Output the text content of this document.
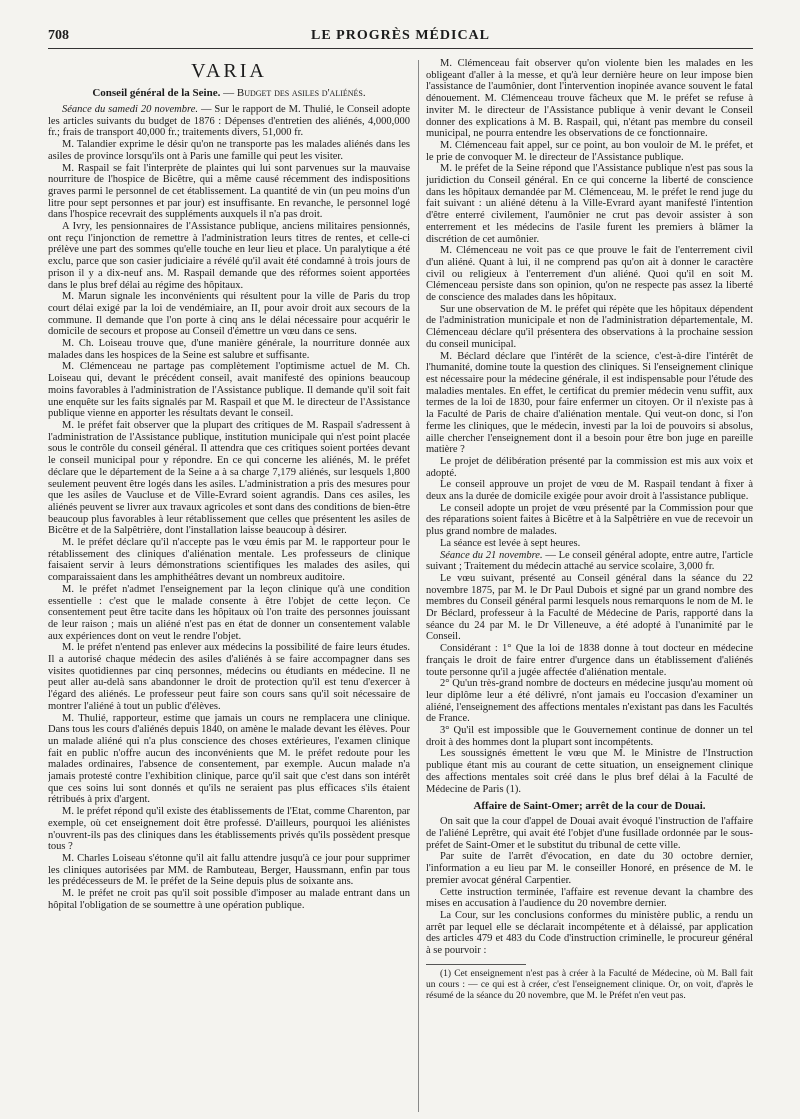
708	LE PROGRÈS MÉDICAL
VARIA
Conseil général de la Seine. — Budget des asiles d'aliénés.

Séance du samedi 20 novembre. — Sur le rapport de M. Thulié, le Conseil adopte les articles suivants du budget de 1876 : Dépenses d'entretien des aliénés, 4,000,000 fr.; frais de transport 40,000 fr.; traitements divers, 51,000 fr.

M. Talandier exprime le désir qu'on ne transporte pas les malades aliénés dans les asiles de province lorsqu'ils ont à Paris une famille qui peut les visiter.

M. Raspail se fait l'interprète de plaintes qui lui sont parvenues sur la mauvaise nourriture de l'hospice de Bicêtre, qui a même causé récemment des indispositions graves parmi le personnel de cet établissement. La quantité de vin (un peu moins d'un litre pour sept personnes et par jour) est insuffisante. En revanche, le personnel logé dans l'hospice recevrait des suppléments auxquels il n'a pas droit.

A Ivry, les pensionnaires de l'Assistance publique, anciens militaires pensionnés, ont reçu l'injonction de remettre à l'administration leurs titres de rentes, et celle-ci prélève une part des sommes qu'elle touche en leur lieu et place. Un paralytique a été exclu, parce que son casier judiciaire a révélé qu'il avait été condamné à trois jours de prison il y a dix-neuf ans. M. Raspail demande que des réformes soient apportées dans le plus bref délai au régime des hôpitaux.

M. Marun signale les inconvénients qui résultent pour la ville de Paris du trop court délai exigé par la loi de vendémiaire, an II, pour avoir droit aux secours de la commune. Il demande que l'on porte à cinq ans le délai nécessaire pour acquérir le domicile de secours et propose au Conseil d'émettre un vœu dans ce sens.

M. Ch. Loiseau trouve que, d'une manière générale, la nourriture donnée aux malades dans les hospices de la Seine est salubre et suffisante.

M. Clémenceau ne partage pas complètement l'optimisme actuel de M. Ch. Loiseau qui, devant le précédent conseil, avait manifesté des opinions beaucoup moins favorables à l'administration de l'Assistance publique. Il demande qu'il soit fait une enquête sur les faits signalés par M. Raspail et que M. le directeur de l'Assistance publique vienne en apporter les résultats devant le conseil.

M. le préfet fait observer que la plupart des critiques de M. Raspail s'adressent à l'administration de l'Assistance publique, institution municipale qui n'est point placée sous le contrôle du conseil général. Il attendra que ces critiques soient portées devant le conseil municipal pour y répondre. En ce qui concerne les aliénés, M. le préfet déclare que le département de la Seine a à sa charge 7,179 aliénés, sur lesquels 1,800 seulement peuvent être logés dans les asiles. L'administration a pris des mesures pour que les asiles de Vaucluse et de Ville-Evrard soient agrandis. Dans ces asiles, les aliénés peuvent se livrer aux travaux agricoles et sont dans des conditions de bien-être beaucoup plus favorables à leur rétablissement que celles que présentent les asiles de Bicêtre et de la Salpêtrière, dont l'installation laisse beaucoup à désirer.

M. le préfet déclare qu'il n'accepte pas le vœu émis par M. le rapporteur pour le rétablissement des cliniques d'aliénation mentale. Les professeurs de clinique faisaient servir à leurs démonstrations scientifiques les malades des asiles, qui comparaissaient dans les amphithéâtres devant un nombreux auditoire.

M. le préfet n'admet l'enseignement par la leçon clinique qu'à une condition essentielle : c'est que le malade consente à être l'objet de cette leçon. Ce consentement peut être tacite dans les hôpitaux où l'on traite des personnes jouissant de leur raison ; mais un aliéné n'est pas en état de donner un consentement valable aux expériences dont on veut le rendre l'objet.

M. le préfet n'entend pas enlever aux médecins la possibilité de faire leurs études. Il a autorisé chaque médecin des asiles d'aliénés à se faire accompagner dans ses visites quotidiennes par cinq personnes, médecins ou étudiants en médecine. Il ne peut aller au-delà sans abandonner le droit de protection qu'il est tenu d'exercer à l'égard des aliénés. Le professeur peut faire son cours sans qu'il soit nécessaire de montrer l'aliéné à tout un public d'élèves.

M. Thulié, rapporteur, estime que jamais un cours ne remplacera une clinique. Dans tous les cours d'aliénés depuis 1840, on amène le malade devant les élèves. Pour un malade aliéné qui n'a plus conscience des choses extérieures, l'examen clinique fait en public n'offre aucun des inconvénients que M. le préfet redoute pour les malades ordinaires, l'absence de consentement, par exemple. Aucun malade n'a jamais protesté contre l'exhibition clinique, parce qu'il sait que c'est dans son intérêt que ces soins lui sont donnés et qu'ils ne seraient pas plus efficaces s'ils étaient rétribués à prix d'argent.

M. le préfet répond qu'il existe des établissements de l'Etat, comme Charenton, par exemple, où cet enseignement doit être professé. D'ailleurs, pourquoi les aliénistes n'ouvrent-ils pas des cliniques dans les établissements privés qu'ils possèdent presque tous ?

M. Charles Loiseau s'étonne qu'il ait fallu attendre jusqu'à ce jour pour supprimer les cliniques autorisées par MM. de Rambuteau, Berger, Haussmann, enfin par tous les prédécesseurs de M. le préfet de la Seine depuis plus de soixante ans.

M. le préfet ne croit pas qu'il soit possible d'imposer au malade entrant dans un hôpital l'obligation de se soumettre à une opération publique.

M. Clémenceau fait observer qu'on violente bien les malades en les obligeant d'aller à la messe, et qu'à leur dernière heure on leur impose bien l'assistance de l'aumônier, dont l'intervention inopinée avance souvent le fatal dénouement. M. Clémenceau trouve fâcheux que M. le préfet se refuse à inviter M. le directeur de l'Assistance publique à venir devant le Conseil donner des explications à M. B. Raspail, qui, n'étant pas membre du conseil municipal, ne pourra entendre les observations de ce fonctionnaire.

M. Clémenceau fait appel, sur ce point, au bon vouloir de M. le préfet, et le prie de convoquer M. le directeur de l'Assistance publique.

M. le préfet de la Seine répond que l'Assistance publique n'est pas sous la juridiction du Conseil général. En ce qui concerne la liberté de conscience dans les hôpitaux demandée par M. Clémenceau, M. le préfet le rend juge du fait suivant : un aliéné détenu à la Ville-Evrard ayant manifesté l'intention d'être enterré civilement, l'aumônier ne crut pas devoir assister à son enterrement et les médecins de l'asile furent les premiers à blâmer la discrétion de cet aumônier.

M. Clémenceau ne voit pas ce que prouve le fait de l'enterrement civil d'un aliéné. Quant à lui, il ne comprend pas qu'on ait à donner le caractère civil ou religieux à l'enterrement d'un aliéné. Quoi qu'il en soit M. Clémenceau persiste dans son opinion, qu'on ne respecte pas assez la liberté de conscience des malades dans les hôpitaux.

Sur une observation de M. le préfet qui répète que les hôpitaux dépendent de l'administration municipale et non de l'administration départementale, M. Clémenceau déclare qu'il présentera des observations à la prochaine session du conseil municipal.

M. Béclard déclare que l'intérêt de la science, c'est-à-dire l'intérêt de l'humanité, domine toute la question des cliniques. Si l'enseignement clinique est nécessaire pour la médecine générale, il est indispensable pour l'étude des maladies mentales. En effet, le certificat du premier médecin venu suffit, aux termes de la loi de 1830, pour faire enfermer un citoyen. Or il n'existe pas à la Faculté de Paris de chaire d'aliénation mentale. Qui veut-on donc, si l'on ferme les cliniques, que le médecin, investi par la loi de pouvoirs si absolus, aille chercher l'enseignement dont il a besoin pour être bon juge en pareille matière ?

Le projet de délibération présenté par la commission est mis aux voix et adopté.

Le conseil approuve un projet de vœu de M. Raspail tendant à fixer à deux ans la durée de domicile exigée pour avoir droit à l'assistance publique.

Le conseil adopte un projet de vœu présenté par la Commission pour que des réparations soient faites à Bicêtre et à la Salpêtrière en vue de recevoir un plus grand nombre de malades.

La séance est levée à sept heures.

Séance du 21 novembre. — Le conseil général adopte, entre autre, l'article suivant ; Traitement du médecin attaché au service scolaire, 3,000 fr.

Le vœu suivant, présenté au Conseil général dans la séance du 22 novembre 1875, par M. le Dr Paul Dubois et signé par un grand nombre des membres du Conseil général parmi lesquels nous remarquons le nom de M. le Dr Béclard, professeur à la Faculté de Médecine de Paris, rapporté dans la séance du 24 par M. le Dr Villeneuve, a été adopté à l'unanimité par le Conseil.

Considérant : 1° Que la loi de 1838 donne à tout docteur en médecine français le droit de faire entrer d'urgence dans un établissement d'aliénés toute personne qu'il a jugée affectée d'aliénation mentale.

2° Qu'un très-grand nombre de docteurs en médecine jusqu'au moment où leur diplôme leur a été délivré, n'ont jamais eu l'occasion d'examiner un aliéné, l'enseignement des affections mentales n'existant pas dans les Facultés de France.

3° Qu'il est impossible que le Gouvernement continue de donner un tel droit à des hommes dont la plupart sont incompétents.

Les soussignés émettent le vœu que M. le Ministre de l'Instruction publique étant mis au courant de cette situation, un enseignement clinique des affections mentales soit créé dans le plus bref délai à la Faculté de Médecine de Paris (1).

Affaire de Saint-Omer; arrêt de la cour de Douai.

On sait que la cour d'appel de Douai avait évoqué l'instruction de l'affaire de l'aliéné Leprêtre, qui avait été l'objet d'une fusillade ordonnée par le sous-préfet de Saint-Omer et le substitut du tribunal de cette ville.

Par suite de l'arrêt d'évocation, en date du 30 octobre dernier, l'information a eu lieu par M. le conseiller Honoré, en présence de M. le premier avocat général Carpentier.

Cette instruction terminée, l'affaire est revenue devant la chambre des mises en accusation à l'audience du 20 novembre dernier.

La Cour, sur les conclusions conformes du ministère public, a rendu un arrêt par lequel elle se déclarait incompétente et à délaissé, par application des articles 479 et 483 du Code d'instruction criminelle, le procureur général à se pourvoir :

(1) Cet enseignement n'est pas à créer à la Faculté de Médecine, où M. Ball fait un cours : — ce qui est à créer, c'est l'enseignement clinique. Or, on voit, d'après le résumé de la séance du 20 novembre, que M. le Préfet n'en veut pas.
